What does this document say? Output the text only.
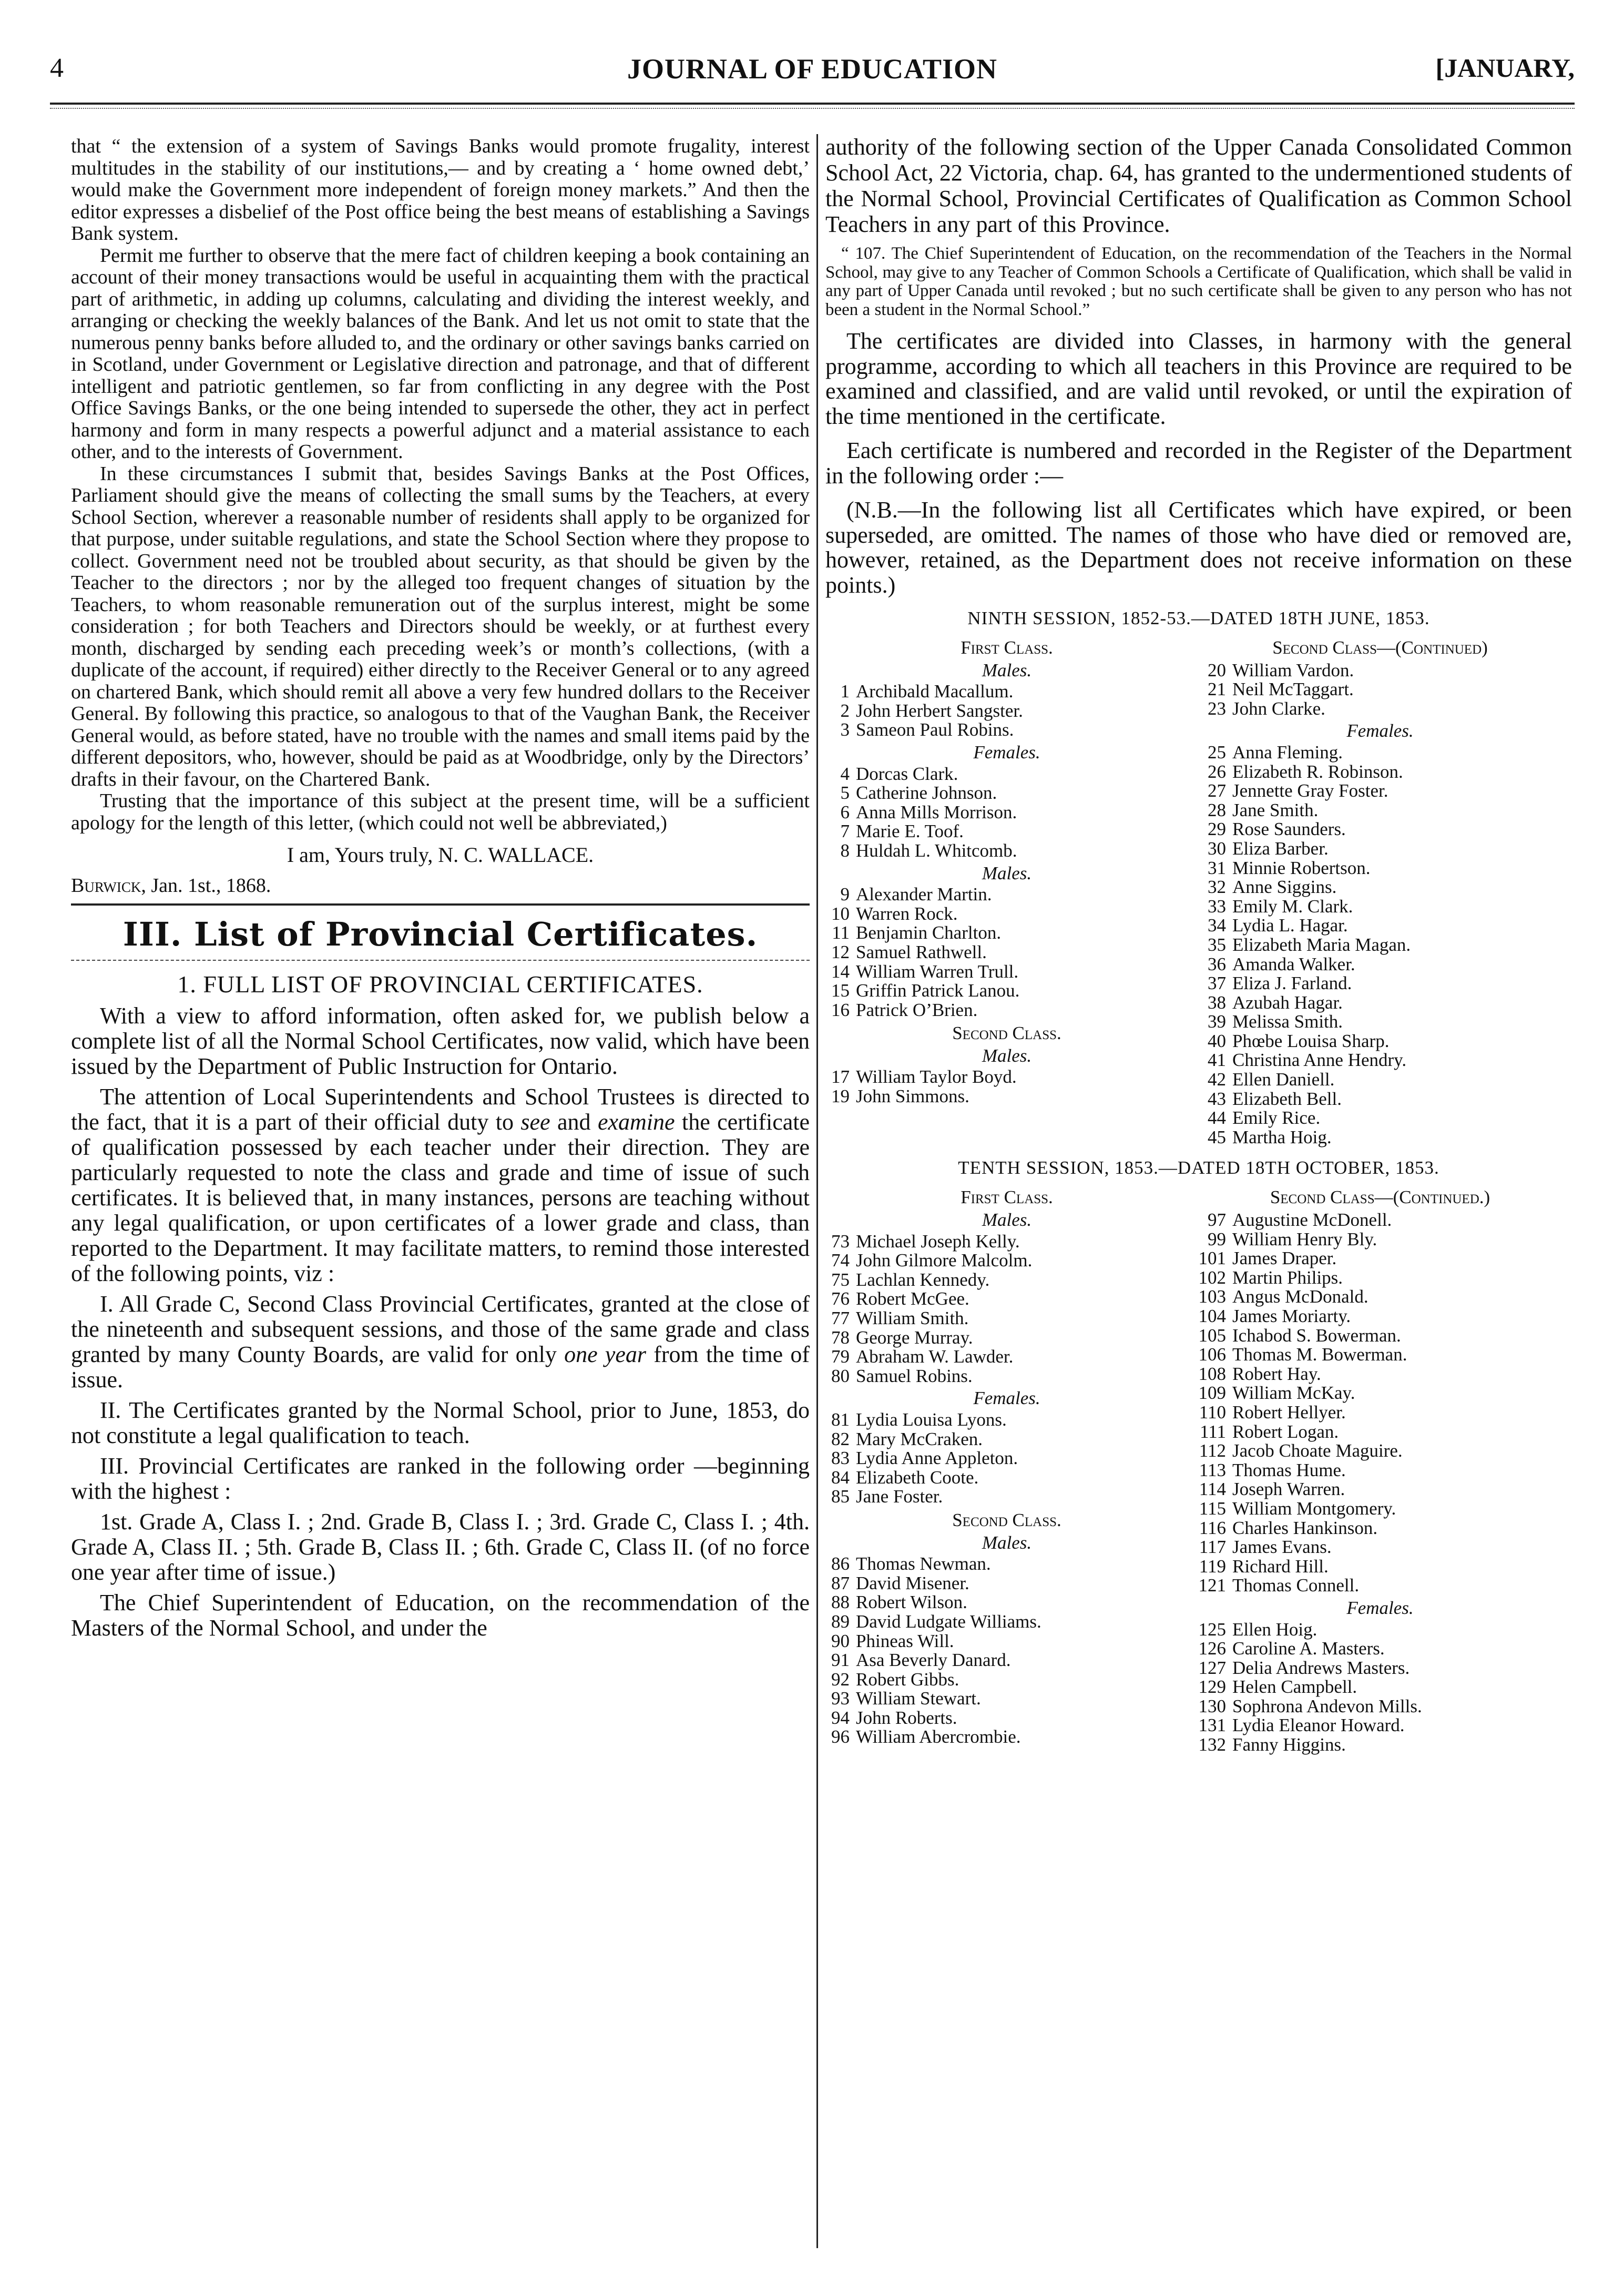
4	JOURNAL OF EDUCATION	[JANUARY,

that “ the extension of a system of Savings Banks would promote frugality, interest multitudes in the stability of our institutions,— and by creating a ‘ home owned debt,’ would make the Government more independent of foreign money markets.” And then the editor expresses a disbelief of the Post office being the best means of establishing a Savings Bank system.

Permit me further to observe that the mere fact of children keeping a book containing an account of their money transactions would be useful in acquainting them with the practical part of arithmetic, in adding up columns, calculating and dividing the interest weekly, and arranging or checking the weekly balances of the Bank. And let us not omit to state that the numerous penny banks before alluded to, and the ordinary or other savings banks carried on in Scotland, under Government or Legislative direction and patronage, and that of different intelligent and patriotic gentlemen, so far from conflicting in any degree with the Post Office Savings Banks, or the one being intended to supersede the other, they act in perfect harmony and form in many respects a powerful adjunct and a material assistance to each other, and to the interests of Government.

In these circumstances I submit that, besides Savings Banks at the Post Offices, Parliament should give the means of collecting the small sums by the Teachers, at every School Section, wherever a reasonable number of residents shall apply to be organized for that purpose, under suitable regulations, and state the School Section where they propose to collect. Government need not be troubled about security, as that should be given by the Teacher to the directors ; nor by the alleged too frequent changes of situation by the Teachers, to whom reasonable remuneration out of the surplus interest, might be some consideration ; for both Teachers and Directors should be weekly, or at furthest every month, discharged by sending each preceding week’s or month’s collections, (with a duplicate of the account, if required) either directly to the Receiver General or to any agreed on chartered Bank, which should remit all above a very few hundred dollars to the Receiver General. By following this practice, so analogous to that of the Vaughan Bank, the Receiver General would, as before stated, have no trouble with the names and small items paid by the different depositors, who, however, should be paid as at Woodbridge, only by the Directors’ drafts in their favour, on the Chartered Bank.

Trusting that the importance of this subject at the present time, will be a sufficient apology for the length of this letter, (which could not well be abbreviated,)

I am, Yours truly, N. C. WALLACE.

Burwick, Jan. 1st., 1868.

III. List of Provincial Certificates.
1. FULL LIST OF PROVINCIAL CERTIFICATES.

With a view to afford information, often asked for, we publish below a complete list of all the Normal School Certificates, now valid, which have been issued by the Department of Public Instruction for Ontario.

The attention of Local Superintendents and School Trustees is directed to the fact, that it is a part of their official duty to see and examine the certificate of qualification possessed by each teacher under their direction. They are particularly requested to note the class and grade and time of issue of such certificates. It is believed that, in many instances, persons are teaching without any legal qualification, or upon certificates of a lower grade and class, than reported to the Department. It may facilitate matters, to remind those interested of the following points, viz :

I. All Grade C, Second Class Provincial Certificates, granted at the close of the nineteenth and subsequent sessions, and those of the same grade and class granted by many County Boards, are valid for only one year from the time of issue.

II. The Certificates granted by the Normal School, prior to June, 1853, do not constitute a legal qualification to teach.

III. Provincial Certificates are ranked in the following order —beginning with the highest :

1st. Grade A, Class I. ; 2nd. Grade B, Class I. ; 3rd. Grade C, Class I. ; 4th. Grade A, Class II. ; 5th. Grade B, Class II. ; 6th. Grade C, Class II. (of no force one year after time of issue.)

The Chief Superintendent of Education, on the recommendation of the Masters of the Normal School, and under the

authority of the following section of the Upper Canada Consolidated Common School Act, 22 Victoria, chap. 64, has granted to the undermentioned students of the Normal School, Provincial Certificates of Qualification as Common School Teachers in any part of this Province.

“ 107. The Chief Superintendent of Education, on the recommendation of the Teachers in the Normal School, may give to any Teacher of Common Schools a Certificate of Qualification, which shall be valid in any part of Upper Canada until revoked ; but no such certificate shall be given to any person who has not been a student in the Normal School.”

The certificates are divided into Classes, in harmony with the general programme, according to which all teachers in this Province are required to be examined and classified, and are valid until revoked, or until the expiration of the time mentioned in the certificate.

Each certificate is numbered and recorded in the Register of the Department in the following order :—

(N.B.—In the following list all Certificates which have expired, or been superseded, are omitted. The names of those who have died or removed are, however, retained, as the Department does not receive information on these points.)

NINTH SESSION, 1852-53.—DATED 18TH JUNE, 1853.
First Class.
Males.
1 Archibald Macallum.
2 John Herbert Sangster.
3 Sameon Paul Robins.
Females.
4 Dorcas Clark.
5 Catherine Johnson.
6 Anna Mills Morrison.
7 Marie E. Toof.
8 Huldah L. Whitcomb.
Males.
9 Alexander Martin.
10 Warren Rock.
11 Benjamin Charlton.
12 Samuel Rathwell.
14 William Warren Trull.
15 Griffin Patrick Lanou.
16 Patrick O’Brien.
Second Class.
Males.
17 William Taylor Boyd.
19 John Simmons.
Second Class—(Continued)
20 William Vardon.
21 Neil McTaggart.
23 John Clarke.
Females.
25 Anna Fleming.
26 Elizabeth R. Robinson.
27 Jennette Gray Foster.
28 Jane Smith.
29 Rose Saunders.
30 Eliza Barber.
31 Minnie Robertson.
32 Anne Siggins.
33 Emily M. Clark.
34 Lydia L. Hagar.
35 Elizabeth Maria Magan.
36 Amanda Walker.
37 Eliza J. Farland.
38 Azubah Hagar.
39 Melissa Smith.
40 Phœbe Louisa Sharp.
41 Christina Anne Hendry.
42 Ellen Daniell.
43 Elizabeth Bell.
44 Emily Rice.
45 Martha Hoig.
TENTH SESSION, 1853.—DATED 18TH OCTOBER, 1853.
First Class.
Males.
73 Michael Joseph Kelly.
74 John Gilmore Malcolm.
75 Lachlan Kennedy.
76 Robert McGee.
77 William Smith.
78 George Murray.
79 Abraham W. Lawder.
80 Samuel Robins.
Females.
81 Lydia Louisa Lyons.
82 Mary McCraken.
83 Lydia Anne Appleton.
84 Elizabeth Coote.
85 Jane Foster.
Second Class.
Males.
86 Thomas Newman.
87 David Misener.
88 Robert Wilson.
89 David Ludgate Williams.
90 Phineas Will.
91 Asa Beverly Danard.
92 Robert Gibbs.
93 William Stewart.
94 John Roberts.
96 William Abercrombie.
Second Class—(Continued.)
97 Augustine McDonell.
99 William Henry Bly.
101 James Draper.
102 Martin Philips.
103 Angus McDonald.
104 James Moriarty.
105 Ichabod S. Bowerman.
106 Thomas M. Bowerman.
108 Robert Hay.
109 William McKay.
110 Robert Hellyer.
111 Robert Logan.
112 Jacob Choate Maguire.
113 Thomas Hume.
114 Joseph Warren.
115 William Montgomery.
116 Charles Hankinson.
117 James Evans.
119 Richard Hill.
121 Thomas Connell.
Females.
125 Ellen Hoig.
126 Caroline A. Masters.
127 Delia Andrews Masters.
129 Helen Campbell.
130 Sophrona Andevon Mills.
131 Lydia Eleanor Howard.
132 Fanny Higgins.
